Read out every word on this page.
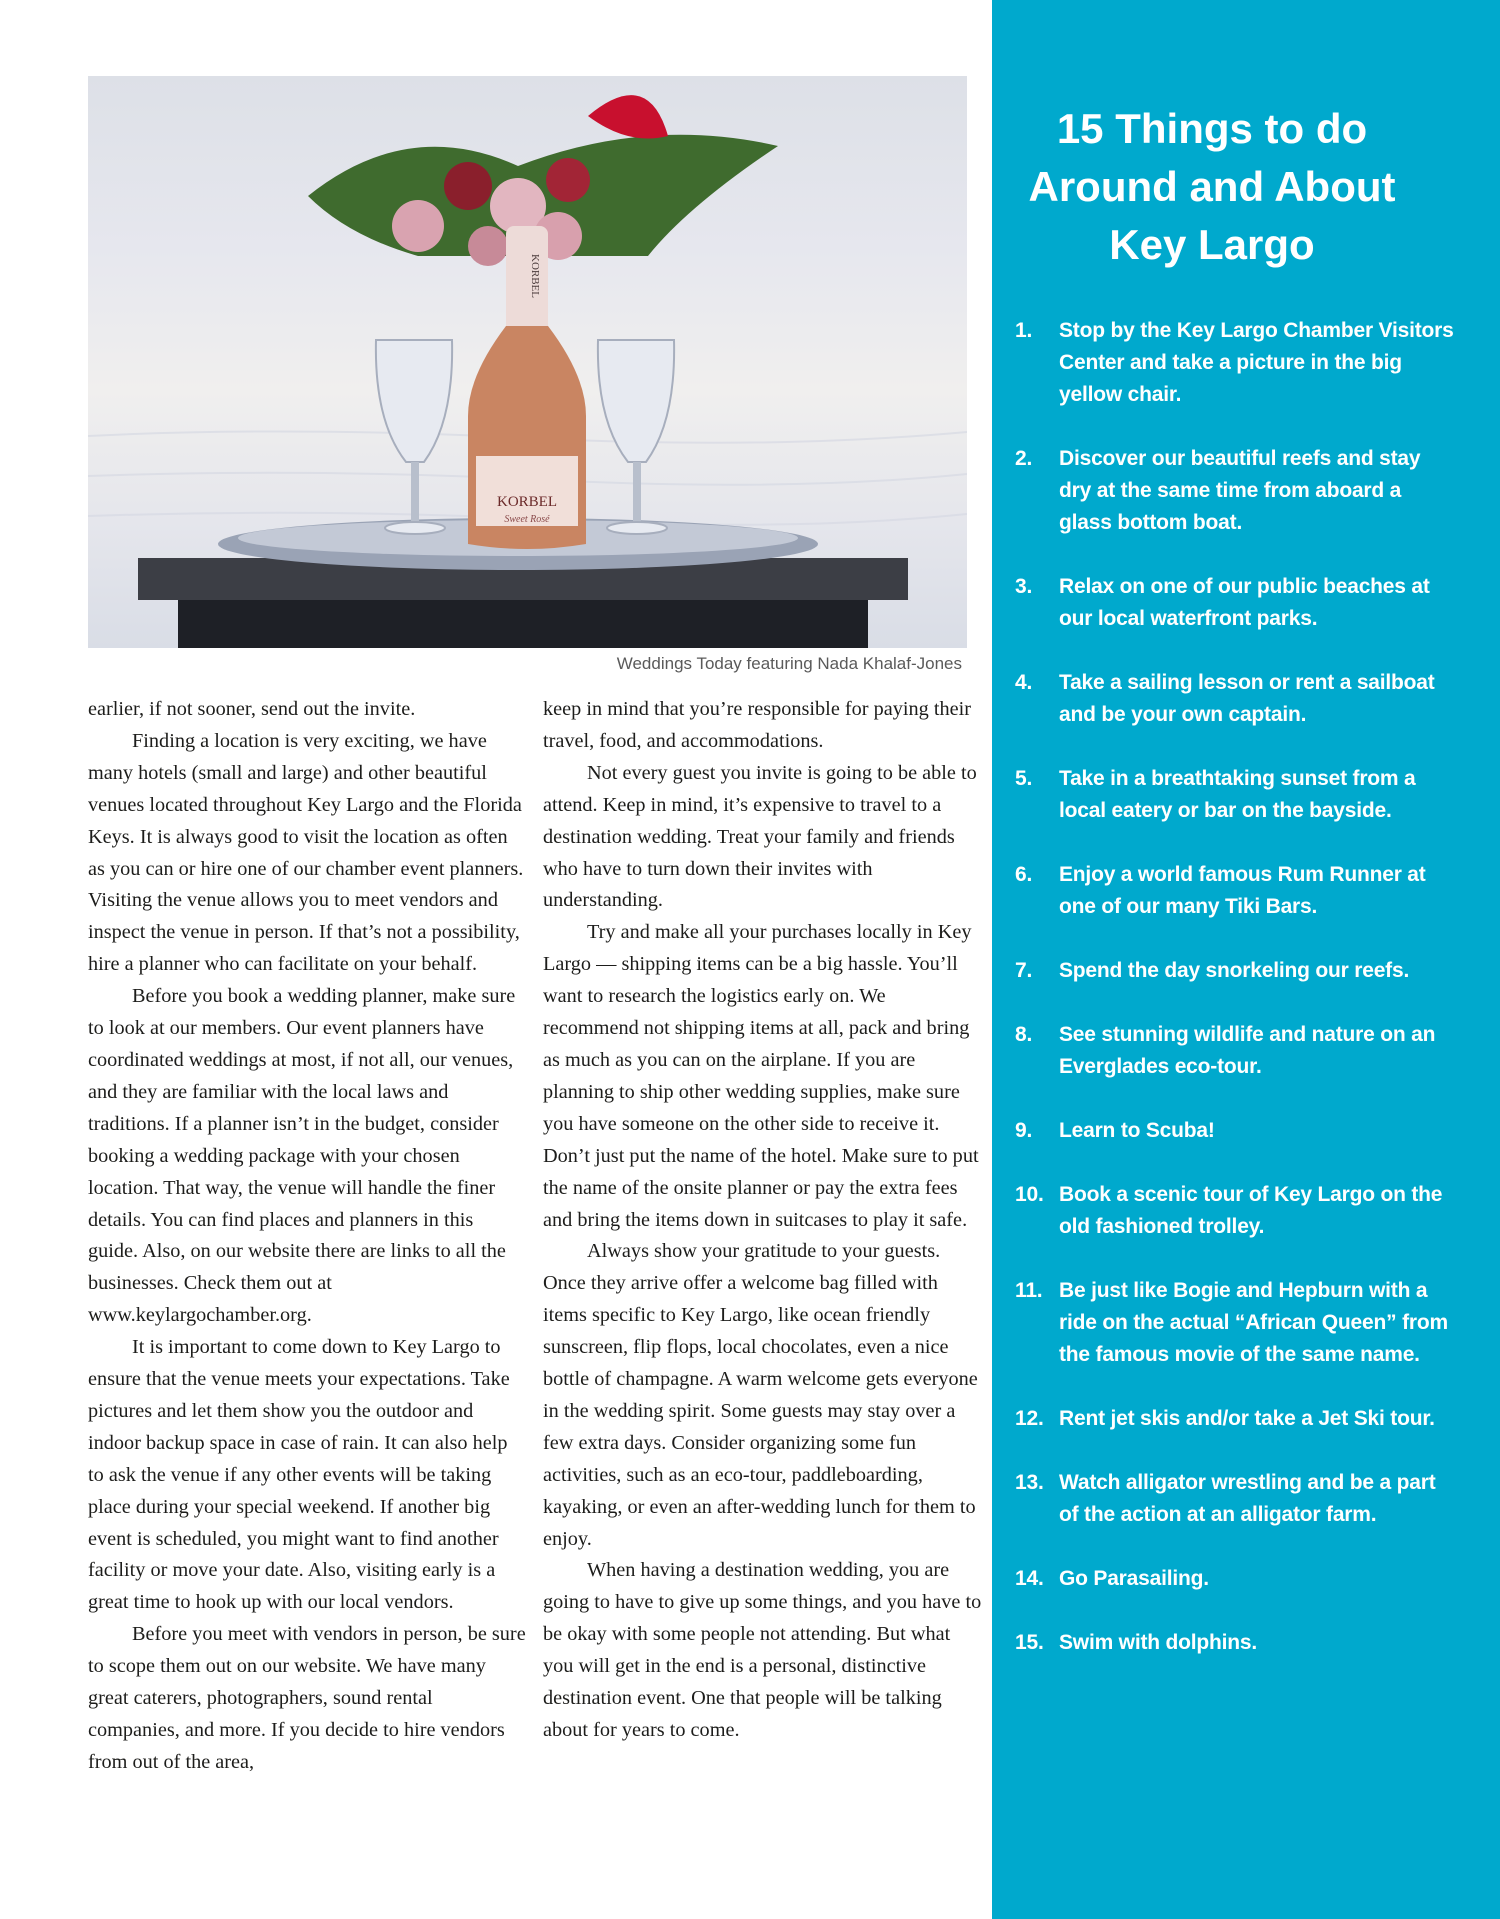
KORBEL
Sweet Rosé
KORBEL
Weddings Today featuring Nada Khalaf-Jones

earlier, if not sooner, send out the invite.

Finding a location is very exciting, we have many hotels (small and large) and other beautiful venues located throughout Key Largo and the Florida Keys. It is always good to visit the location as often as you can or hire one of our chamber event planners. Visiting the venue allows you to meet vendors and inspect the venue in person. If that’s not a possibility, hire a planner who can facilitate on your behalf.

Before you book a wedding planner, make sure to look at our members. Our event planners have coordinated weddings at most, if not all, our venues, and they are familiar with the local laws and traditions. If a planner isn’t in the budget, consider booking a wedding package with your chosen location. That way, the venue will handle the finer details. You can find places and planners in this guide. Also, on our website there are links to all the businesses. Check them out at www.keylargochamber.org.

It is important to come down to Key Largo to ensure that the venue meets your expectations. Take pictures and let them show you the outdoor and indoor backup space in case of rain. It can also help to ask the venue if any other events will be taking place during your special weekend. If another big event is scheduled, you might want to find another facility or move your date. Also, visiting early is a great time to hook up with our local vendors.

Before you meet with vendors in person, be sure to scope them out on our website. We have many great caterers, photographers, sound rental companies, and more. If you decide to hire vendors from out of the area,

keep in mind that you’re responsible for paying their travel, food, and accommodations.

Not every guest you invite is going to be able to attend. Keep in mind, it’s expensive to travel to a destination wedding. Treat your family and friends who have to turn down their invites with understanding.

Try and make all your purchases locally in Key Largo — shipping items can be a big hassle. You’ll want to research the logistics early on. We recommend not shipping items at all, pack and bring as much as you can on the airplane. If you are planning to ship other wedding supplies, make sure you have someone on the other side to receive it. Don’t just put the name of the hotel. Make sure to put the name of the onsite planner or pay the extra fees and bring the items down in suitcases to play it safe.

Always show your gratitude to your guests. Once they arrive offer a welcome bag filled with items specific to Key Largo, like ocean friendly sunscreen, flip flops, local chocolates, even a nice bottle of champagne. A warm welcome gets everyone in the wedding spirit. Some guests may stay over a few extra days. Consider organizing some fun activities, such as an eco-tour, paddleboarding, kayaking, or even an after-wedding lunch for them to enjoy.

When having a destination wedding, you are going to have to give up some things, and you have to be okay with some people not attending. But what you will get in the end is a personal, distinctive destination event. One that people will be talking about for years to come.

15 Things to do Around and About Key Largo
1. Stop by the Key Largo Chamber Visitors Center and take a picture in the big yellow chair.
2. Discover our beautiful reefs and stay dry at the same time from aboard a glass bottom boat.
3. Relax on one of our public beaches at our local waterfront parks.
4. Take a sailing lesson or rent a sailboat and be your own captain.
5. Take in a breathtaking sunset from a local eatery or bar on the bayside.
6. Enjoy a world famous Rum Runner at one of our many Tiki Bars.
7. Spend the day snorkeling our reefs.
8. See stunning wildlife and nature on an Everglades eco-tour.
9. Learn to Scuba!
10. Book a scenic tour of Key Largo on the old fashioned trolley.
11. Be just like Bogie and Hepburn with a ride on the actual “African Queen” from the famous movie of the same name.
12. Rent jet skis and/or take a Jet Ski tour.
13. Watch alligator wrestling and be a part of the action at an alligator farm.
14. Go Parasailing.
15. Swim with dolphins.
